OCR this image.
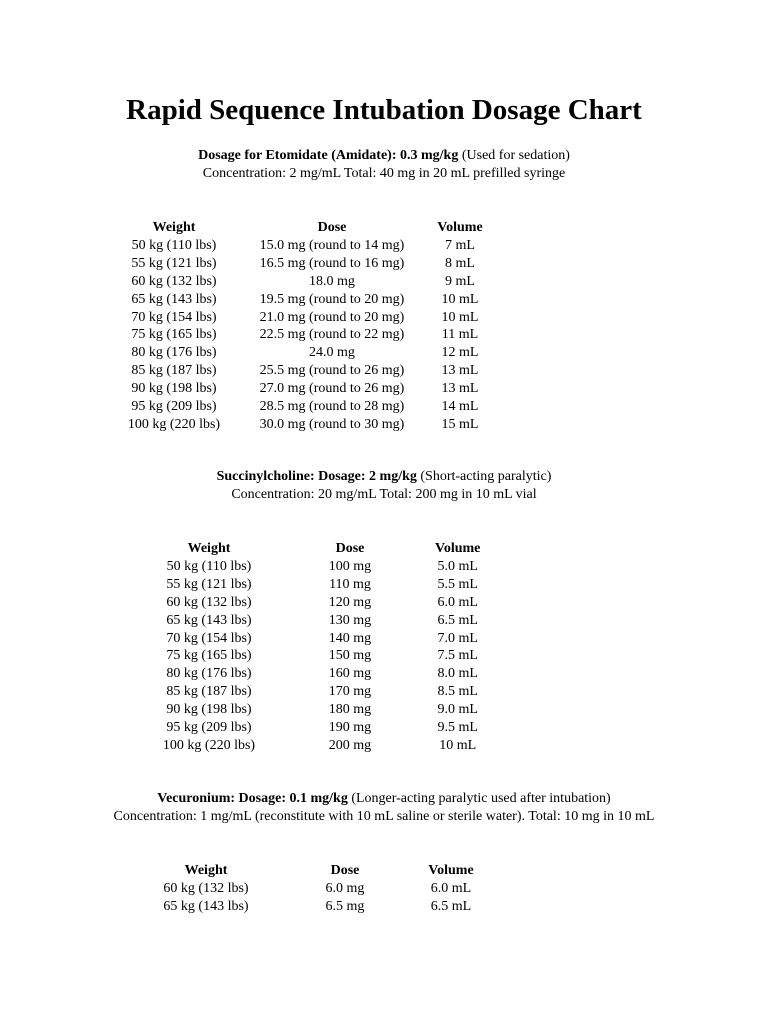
Rapid Sequence Intubation Dosage Chart
Dosage for Etomidate (Amidate): 0.3 mg/kg (Used for sedation)
Concentration: 2 mg/mL Total: 40 mg in 20 mL prefilled syringe
Weight	Dose	Volume
50 kg (110 lbs)	15.0 mg (round to 14 mg)	7 mL
55 kg (121 lbs)	16.5 mg (round to 16 mg)	8 mL
60 kg (132 lbs)	18.0 mg	9 mL
65 kg (143 lbs)	19.5 mg (round to 20 mg)	10 mL
70 kg (154 lbs)	21.0 mg (round to 20 mg)	10 mL
75 kg (165 lbs)	22.5 mg (round to 22 mg)	11 mL
80 kg (176 lbs)	24.0 mg	12 mL
85 kg (187 lbs)	25.5 mg (round to 26 mg)	13 mL
90 kg (198 lbs)	27.0 mg (round to 26 mg)	13 mL
95 kg (209 lbs)	28.5 mg (round to 28 mg)	14 mL
100 kg (220 lbs)	30.0 mg (round to 30 mg)	15 mL
Succinylcholine: Dosage: 2 mg/kg (Short-acting paralytic)
Concentration: 20 mg/mL Total: 200 mg in 10 mL vial
Weight	Dose	Volume
50 kg (110 lbs)	100 mg	5.0 mL
55 kg (121 lbs)	110 mg	5.5 mL
60 kg (132 lbs)	120 mg	6.0 mL
65 kg (143 lbs)	130 mg	6.5 mL
70 kg (154 lbs)	140 mg	7.0 mL
75 kg (165 lbs)	150 mg	7.5 mL
80 kg (176 lbs)	160 mg	8.0 mL
85 kg (187 lbs)	170 mg	8.5 mL
90 kg (198 lbs)	180 mg	9.0 mL
95 kg (209 lbs)	190 mg	9.5 mL
100 kg (220 lbs)	200 mg	10 mL
Vecuronium: Dosage: 0.1 mg/kg (Longer-acting paralytic used after intubation)
Concentration: 1 mg/mL (reconstitute with 10 mL saline or sterile water). Total: 10 mg in 10 mL
Weight	Dose	Volume
60 kg (132 lbs)	6.0 mg	6.0 mL
65 kg (143 lbs)	6.5 mg	6.5 mL
